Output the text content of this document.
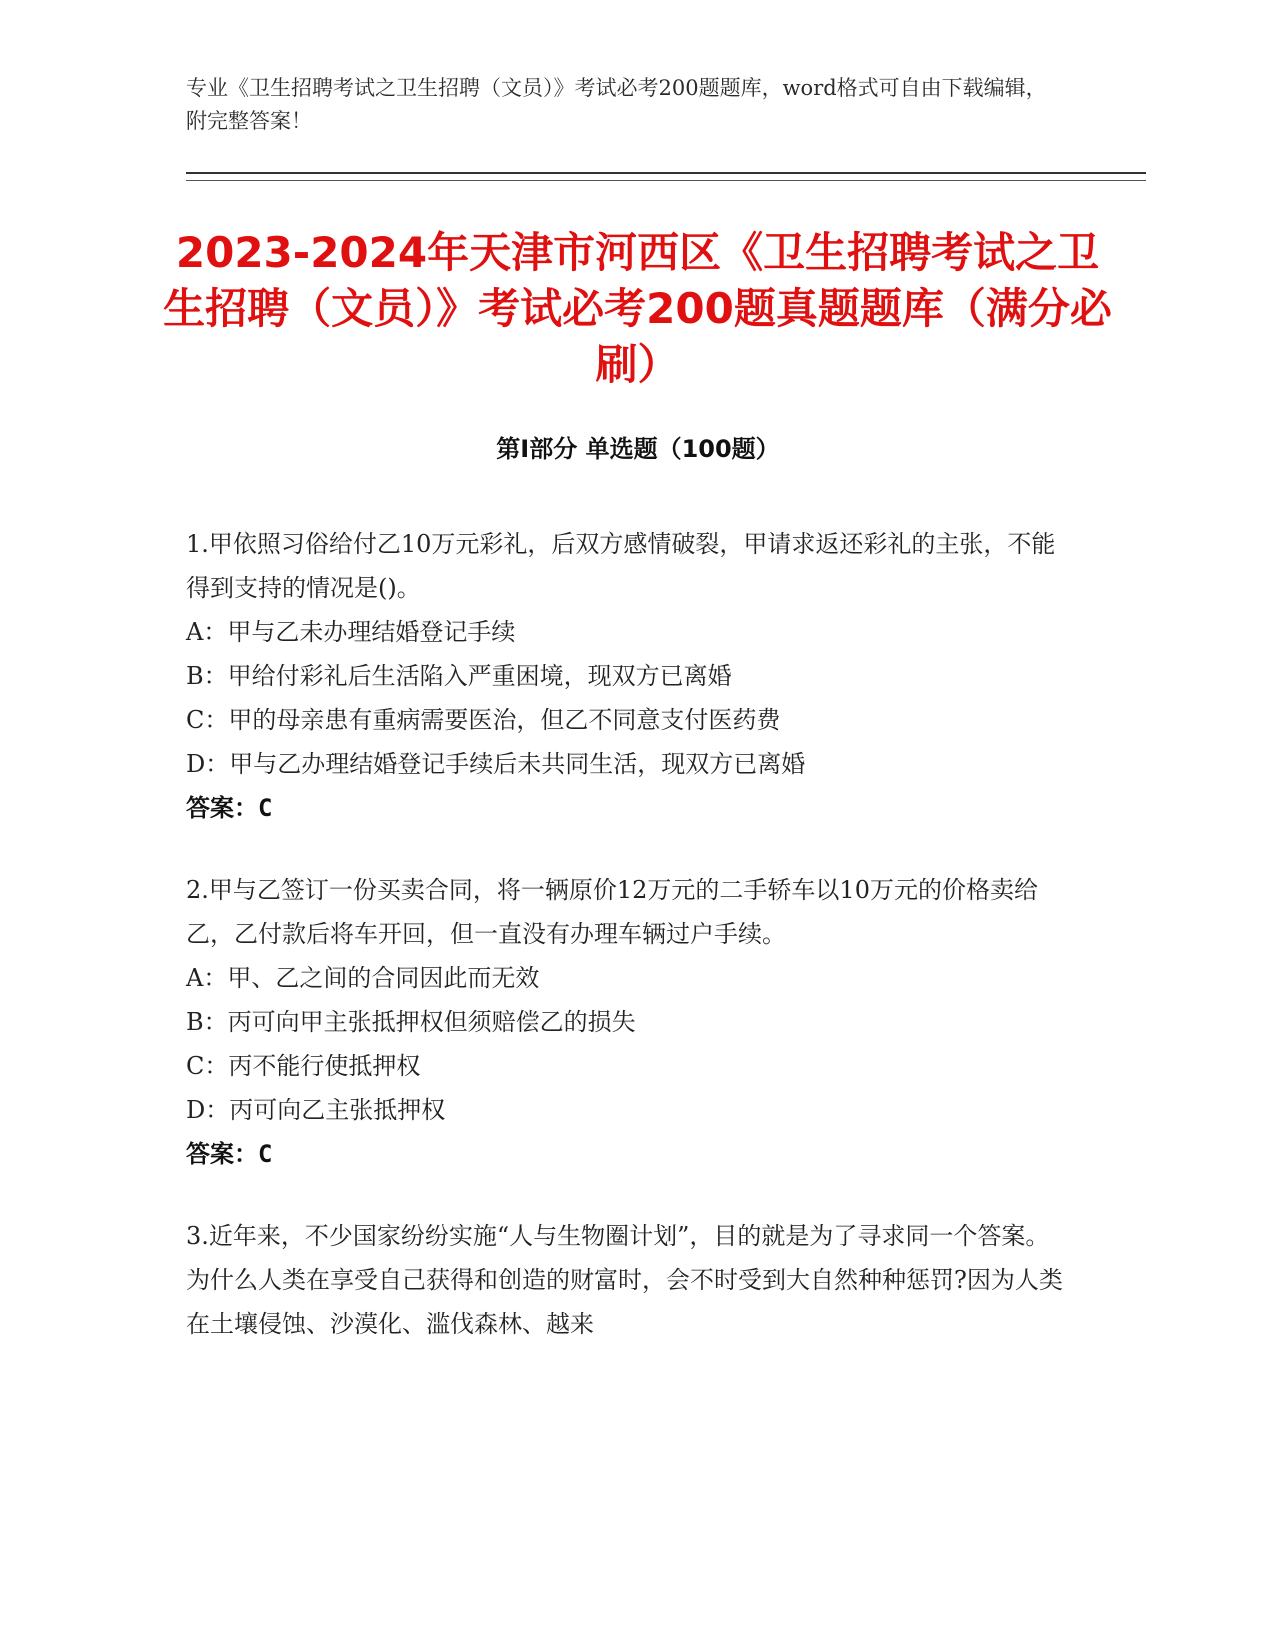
专业《卫生招聘考试之卫生招聘（文员）》考试必考200题题库，word格式可自由下载编辑，附完整答案！
2023-2024年天津市河西区《卫生招聘考试之卫生招聘（文员）》考试必考200题真题题库（满分必刷）
第Ⅰ部分 单选题（100题）

1.甲依照习俗给付乙10万元彩礼，后双方感情破裂，甲请求返还彩礼的主张，不能得到支持的情况是()。

A：甲与乙未办理结婚登记手续

B：甲给付彩礼后生活陷入严重困境，现双方已离婚

C：甲的母亲患有重病需要医治，但乙不同意支付医药费

D：甲与乙办理结婚登记手续后未共同生活，现双方已离婚

答案：C

2.甲与乙签订一份买卖合同，将一辆原价12万元的二手轿车以10万元的价格卖给乙，乙付款后将车开回，但一直没有办理车辆过户手续。

A：甲、乙之间的合同因此而无效

B：丙可向甲主张抵押权但须赔偿乙的损失

C：丙不能行使抵押权

D：丙可向乙主张抵押权

答案：C

3.近年来，不少国家纷纷实施“人与生物圈计划”，目的就是为了寻求同一个答案。为什么人类在享受自己获得和创造的财富时，会不时受到大自然种种惩罚?因为人类在土壤侵蚀、沙漠化、滥伐森林、越来
